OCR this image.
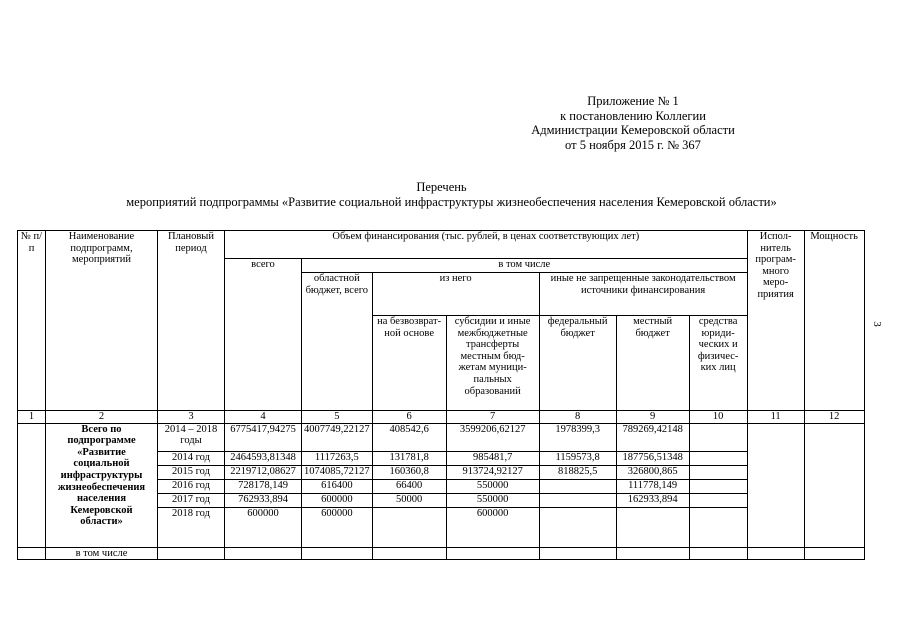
Приложение № 1
к постановлению Коллегии
Администрации Кемеровской области
от 5 ноября 2015 г. № 367
Перечень
мероприятий подпрограммы «Развитие социальной инфраструктуры жизнеобеспечения населения Кемеровской области»
3
№ п/п	Наименование подпрограмм, мероприятий	Плановый период	Объем финансирования (тыс. рублей, в ценах соответствующих лет)							Испол-нитель програм-много меро-приятия	Мощность
			всего	в том числе							
				областной бюджет, всего	из него		иные не запрещенные законодательством источники финансирования				
					на безвозврат-ной основе	субсидии и иные межбюджетные трансферты местным бюд-жетам муници-пальных образований	федеральный бюджет	местный бюджет	средства юриди-ческих и физичес-ких лиц		
1	2	3	4	5	6	7	8	9	10	11	12
	Всего по подпрограмме «Развитие социальной инфраструктуры жизнеобеспечения населения Кемеровской области»	2014 – 2018 годы	6775417,94275	4007749,22127	408542,6	3599206,62127	1978399,3	789269,42148			
		2014 год	2464593,81348	1117263,5	131781,8	985481,7	1159573,8	187756,51348			
		2015 год	2219712,08627	1074085,72127	160360,8	913724,92127	818825,5	326800,865			
		2016 год	728178,149	616400	66400	550000		111778,149			
		2017 год	762933,894	600000	50000	550000		162933,894			
		2018 год	600000	600000		600000					
	в том числе										
